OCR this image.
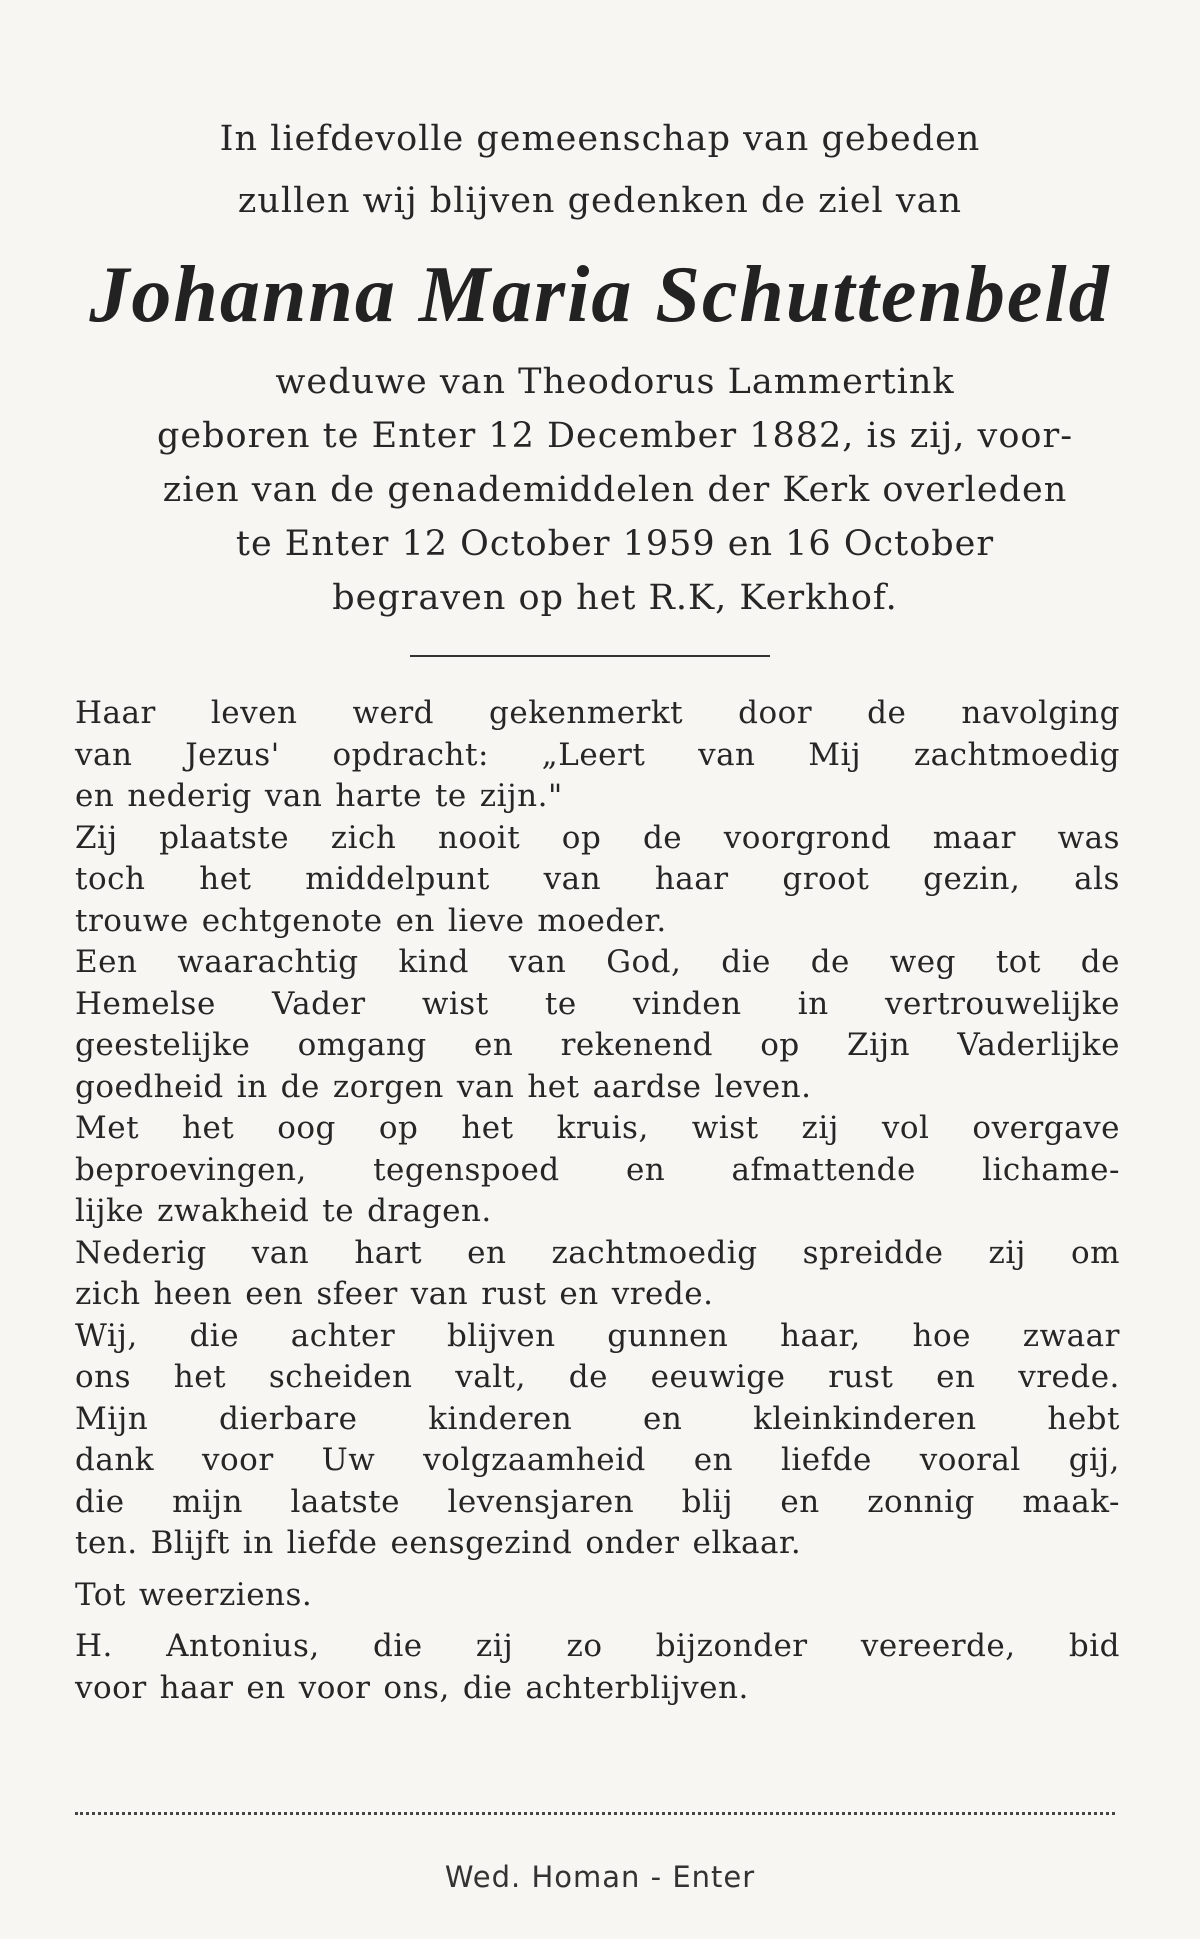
In liefdevolle gemeenschap van gebeden
zullen wij blijven gedenken de ziel van
Johanna Maria Schuttenbeld
weduwe van Theodorus Lammertink
geboren te Enter 12 December 1882, is zij, voor-
zien van de genademiddelen der Kerk overleden
te Enter 12 October 1959 en 16 October
begraven op het R.K, Kerkhof.
Haar leven werd gekenmerkt door de navolging
van Jezus' opdracht: „Leert van Mij zachtmoedig
en nederig van harte te zijn."
Zij plaatste zich nooit op de voorgrond maar was
toch het middelpunt van haar groot gezin, als
trouwe echtgenote en lieve moeder.
Een waarachtig kind van God, die de weg tot de
Hemelse Vader wist te vinden in vertrouwelijke
geestelijke omgang en rekenend op Zijn Vaderlijke
goedheid in de zorgen van het aardse leven.
Met het oog op het kruis, wist zij vol overgave
beproevingen, tegenspoed en afmattende lichame-
lijke zwakheid te dragen.
Nederig van hart en zachtmoedig spreidde zij om
zich heen een sfeer van rust en vrede.
Wij, die achter blijven gunnen haar, hoe zwaar
ons het scheiden valt, de eeuwige rust en vrede.
Mijn dierbare kinderen en kleinkinderen hebt
dank voor Uw volgzaamheid en liefde vooral gij,
die mijn laatste levensjaren blij en zonnig maak-
ten. Blijft in liefde eensgezind onder elkaar.
Tot weerziens.
H. Antonius, die zij zo bijzonder vereerde, bid
voor haar en voor ons, die achterblijven.
Wed. Homan - Enter
